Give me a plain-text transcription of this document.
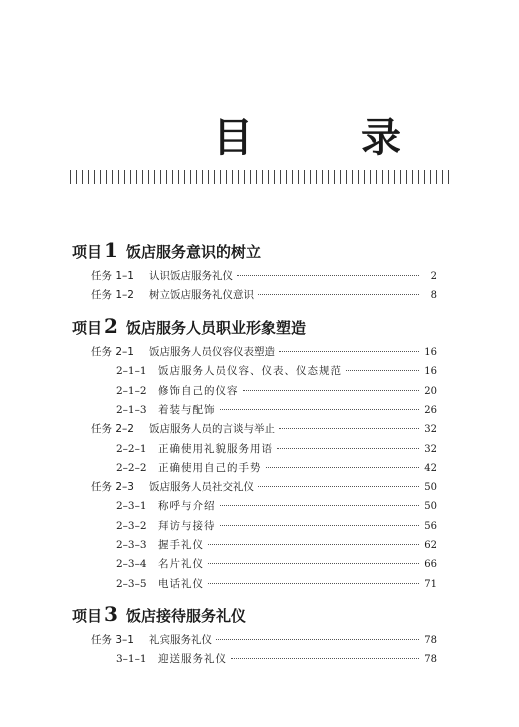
目　录
项目 1 饭店服务意识的树立
任务 1–1	认识饭店服务礼仪	2
任务 1–2	树立饭店服务礼仪意识	8
项目 2 饭店服务人员职业形象塑造
任务 2–1	饭店服务人员仪容仪表塑造	16
2–1–1 饭店服务人员仪容、仪表、仪态规范	16
2–1–2 修饰自己的仪容	20
2–1–3 着装与配饰	26
任务 2–2	饭店服务人员的言谈与举止	32
2–2–1 正确使用礼貌服务用语	32
2–2–2 正确使用自己的手势	42
任务 2–3	饭店服务人员社交礼仪	50
2–3–1 称呼与介绍	50
2–3–2 拜访与接待	56
2–3–3 握手礼仪	62
2–3–4 名片礼仪	66
2–3–5 电话礼仪	71
项目 3 饭店接待服务礼仪
任务 3–1	礼宾服务礼仪	78
3–1–1 迎送服务礼仪	78
